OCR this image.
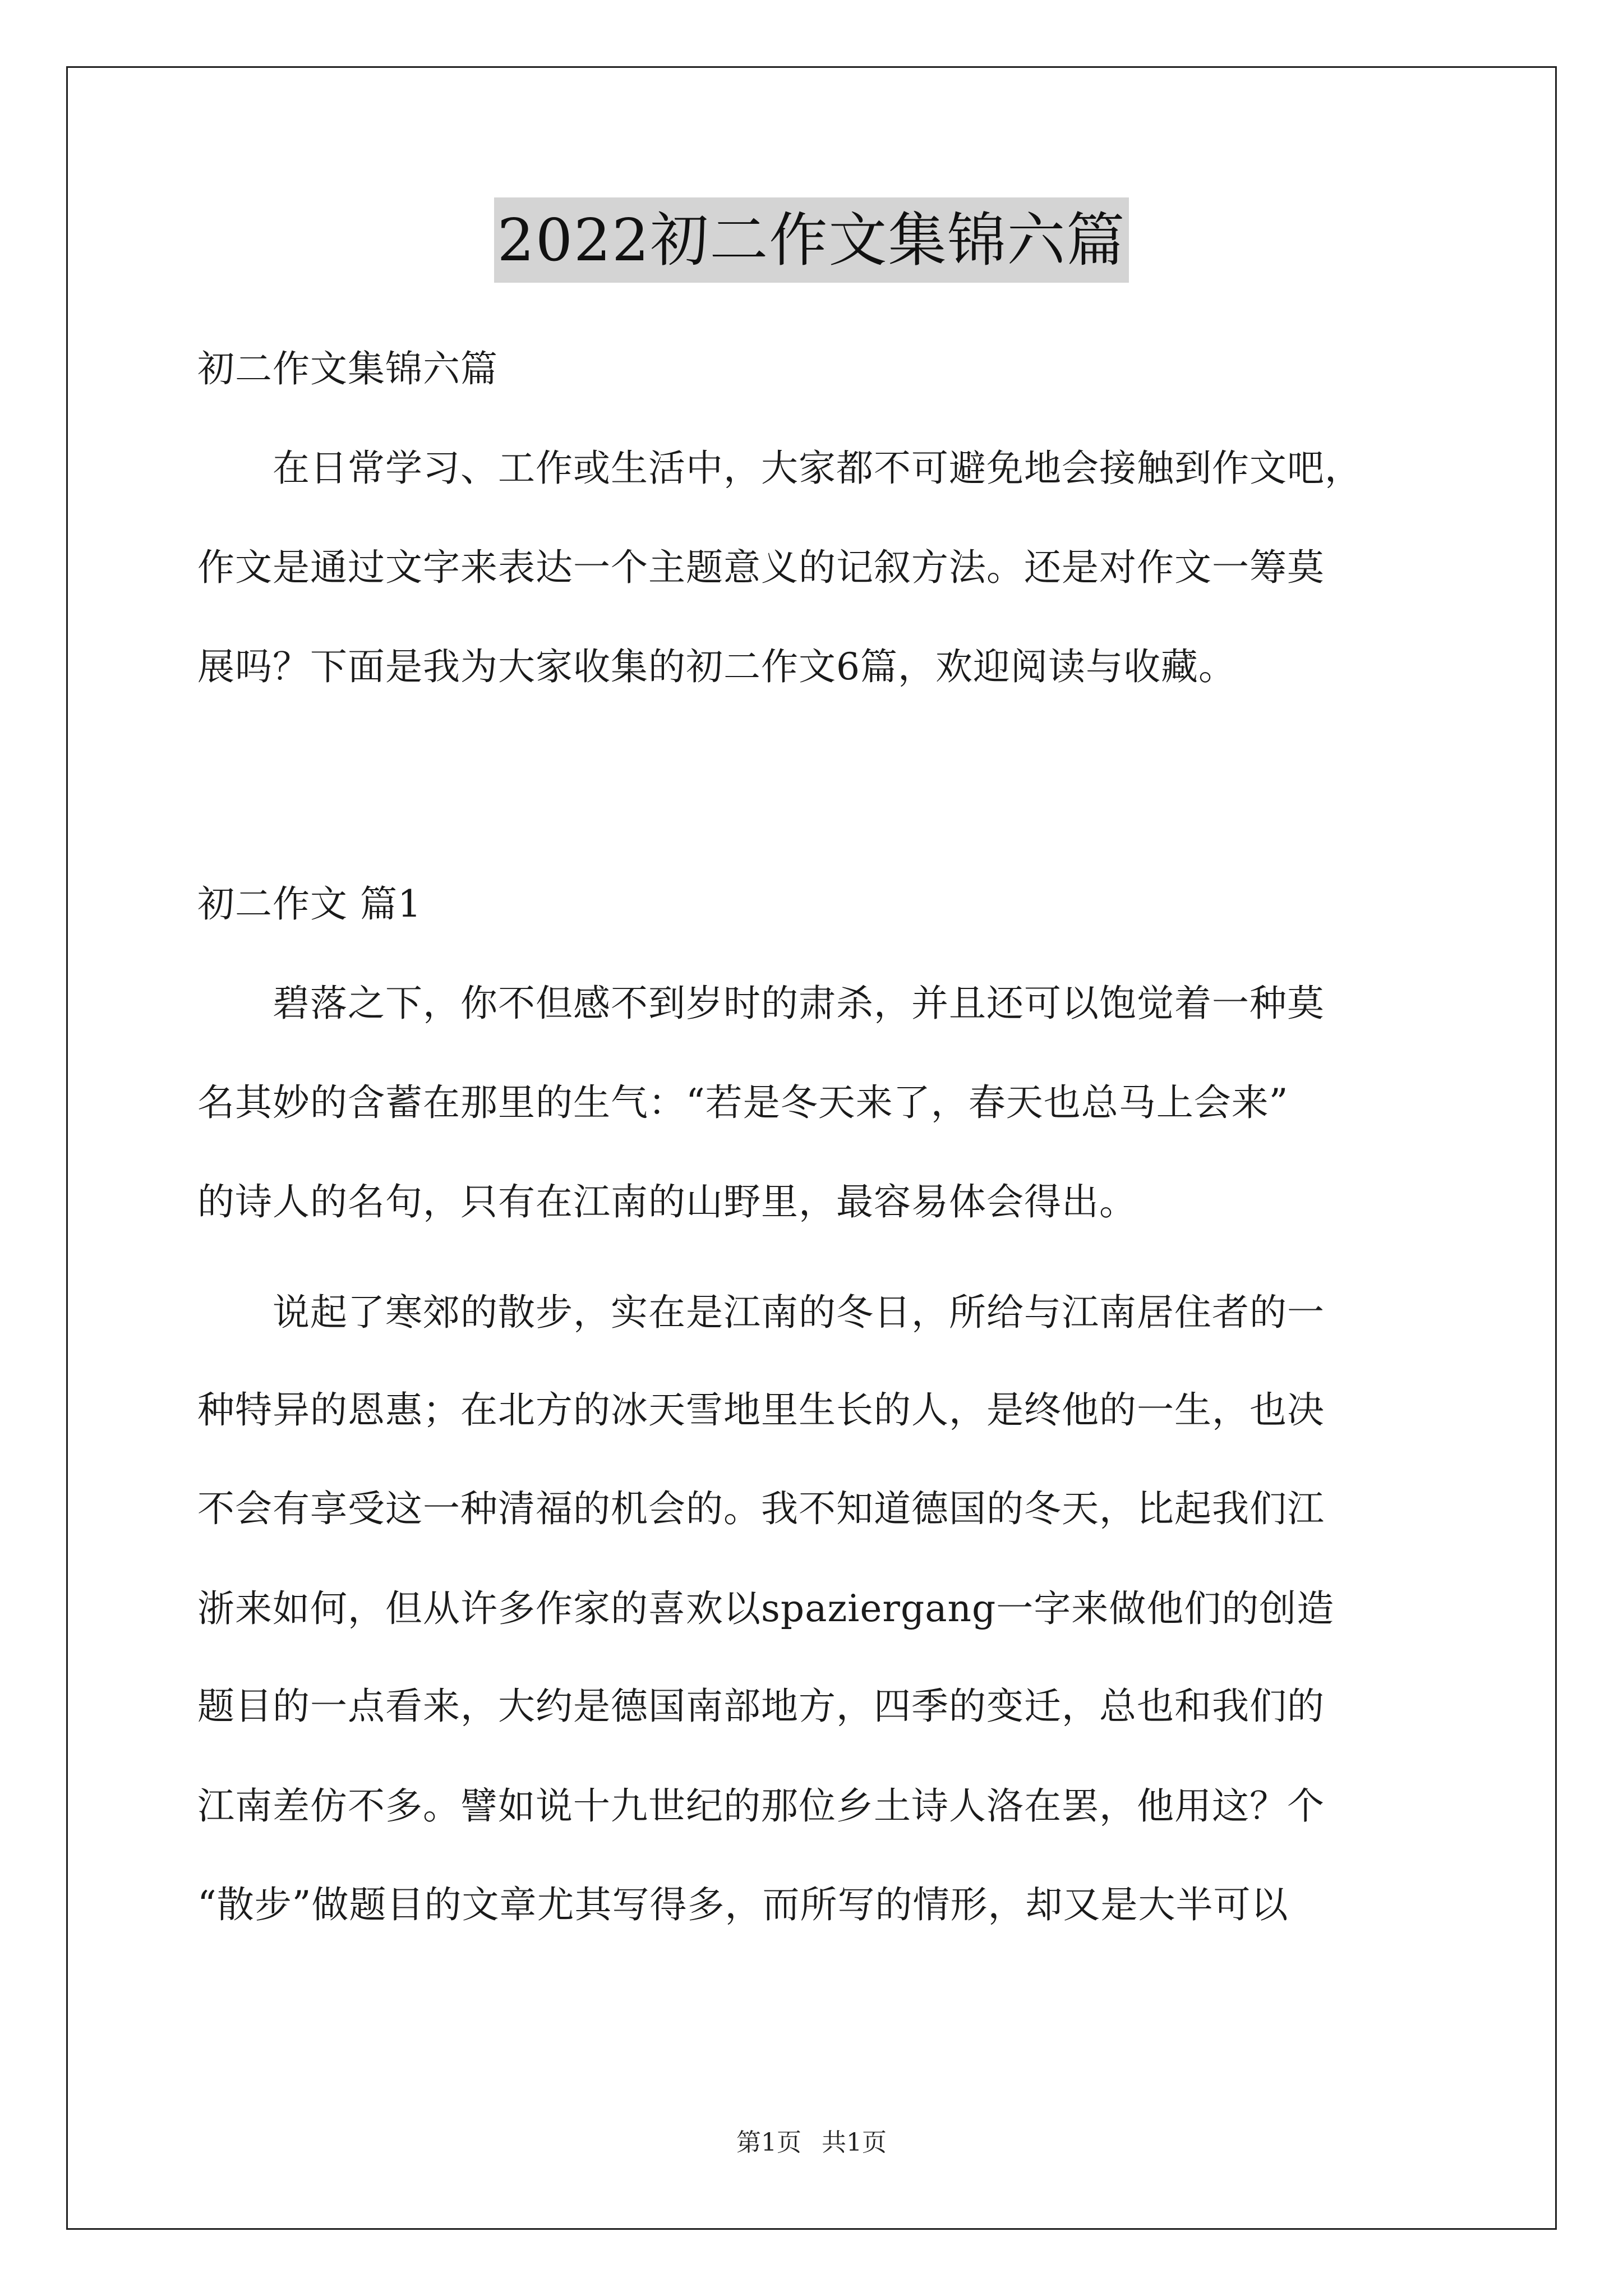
2022初二作文集锦六篇
初二作文集锦六篇
　　在日常学习、工作或生活中，大家都不可避免地会接触到作文吧，
作文是通过文字来表达一个主题意义的记叙方法。还是对作文一筹莫
展吗？下面是我为大家收集的初二作文6篇，欢迎阅读与收藏。
初二作文 篇1
　　碧落之下，你不但感不到岁时的肃杀，并且还可以饱觉着一种莫
名其妙的含蓄在那里的生气：“若是冬天来了，春天也总马上会来”
的诗人的名句，只有在江南的山野里，最容易体会得出。
　　说起了寒郊的散步，实在是江南的冬日，所给与江南居住者的一
种特异的恩惠；在北方的冰天雪地里生长的人，是终他的一生，也决
不会有享受这一种清福的机会的。我不知道德国的冬天，比起我们江
浙来如何，但从许多作家的喜欢以spaziergang一字来做他们的创造
题目的一点看来，大约是德国南部地方，四季的变迁，总也和我们的
江南差仿不多。譬如说十九世纪的那位乡土诗人洛在罢，他用这？个
“散步”做题目的文章尤其写得多，而所写的情形，却又是大半可以
第1页 共1页
